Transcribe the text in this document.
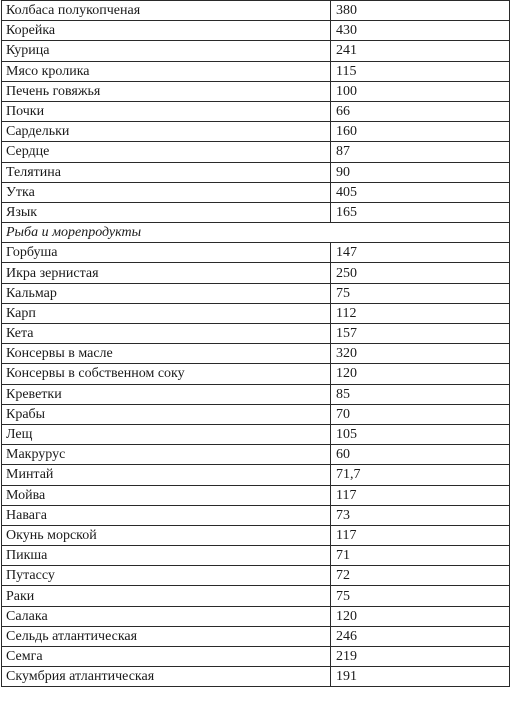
Колбаса полукопченая	380
Корейка	430
Курица	241
Мясо кролика	115
Печень говяжья	100
Почки	66
Сардельки	160
Сердце	87
Телятина	90
Утка	405
Язык	165
Рыба и морепродукты	
Горбуша	147
Икра зернистая	250
Кальмар	75
Карп	112
Кета	157
Консервы в масле	320
Консервы в собственном соку	120
Креветки	85
Крабы	70
Лещ	105
Макрурус	60
Минтай	71,7
Мойва	117
Навага	73
Окунь морской	117
Пикша	71
Путассу	72
Раки	75
Салака	120
Сельдь атлантическая	246
Семга	219
Скумбрия атлантическая	191
